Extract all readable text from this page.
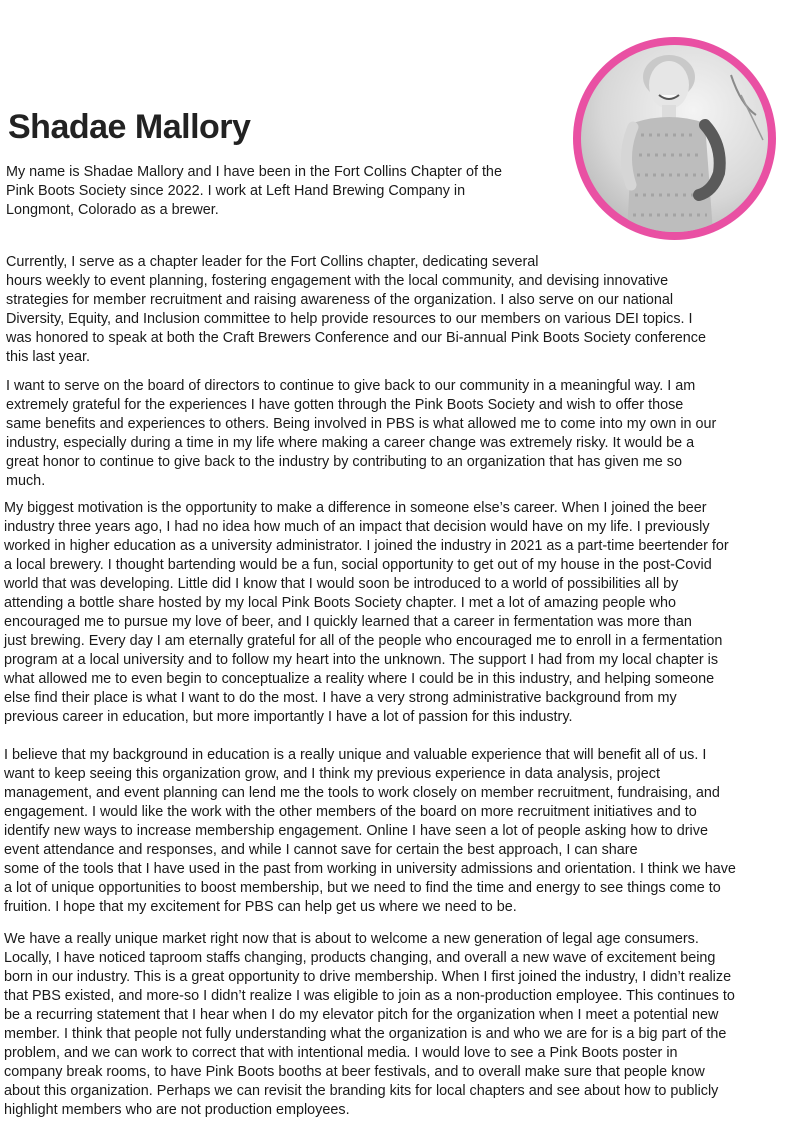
Shadae Mallory

My name is Shadae Mallory and I have been in the Fort Collins Chapter of the
Pink Boots Society since 2022. I work at Left Hand Brewing Company in
Longmont, Colorado as a brewer.

Currently, I serve as a chapter leader for the Fort Collins chapter, dedicating several
hours weekly to event planning, fostering engagement with the local community, and devising innovative
strategies for member recruitment and raising awareness of the organization. I also serve on our national
Diversity, Equity, and Inclusion committee to help provide resources to our members on various DEI topics. I
was honored to speak at both the Craft Brewers Conference and our Bi-annual Pink Boots Society conference
this last year.

I want to serve on the board of directors to continue to give back to our community in a meaningful way. I am
extremely grateful for the experiences I have gotten through the Pink Boots Society and wish to offer those
same benefits and experiences to others. Being involved in PBS is what allowed me to come into my own in our
industry, especially during a time in my life where making a career change was extremely risky. It would be a
great honor to continue to give back to the industry by contributing to an organization that has given me so
much.

My biggest motivation is the opportunity to make a difference in someone else’s career. When I joined the beer
industry three years ago, I had no idea how much of an impact that decision would have on my life. I previously
worked in higher education as a university administrator. I joined the industry in 2021 as a part-time beertender for
a local brewery. I thought bartending would be a fun, social opportunity to get out of my house in the post-Covid
world that was developing. Little did I know that I would soon be introduced to a world of possibilities all by
attending a bottle share hosted by my local Pink Boots Society chapter. I met a lot of amazing people who
encouraged me to pursue my love of beer, and I quickly learned that a career in fermentation was more than
just brewing. Every day I am eternally grateful for all of the people who encouraged me to enroll in a fermentation
program at a local university and to follow my heart into the unknown. The support I had from my local chapter is
what allowed me to even begin to conceptualize a reality where I could be in this industry, and helping someone
else find their place is what I want to do the most. I have a very strong administrative background from my
previous career in education, but more importantly I have a lot of passion for this industry.

I believe that my background in education is a really unique and valuable experience that will benefit all of us. I
want to keep seeing this organization grow, and I think my previous experience in data analysis, project
management, and event planning can lend me the tools to work closely on member recruitment, fundraising, and
engagement. I would like the work with the other members of the board on more recruitment initiatives and to
identify new ways to increase membership engagement. Online I have seen a lot of people asking how to drive
event attendance and responses, and while I cannot save for certain the best approach, I can share
some of the tools that I have used in the past from working in university admissions and orientation. I think we have
a lot of unique opportunities to boost membership, but we need to find the time and energy to see things come to
fruition. I hope that my excitement for PBS can help get us where we need to be.

We have a really unique market right now that is about to welcome a new generation of legal age consumers.
Locally, I have noticed taproom staffs changing, products changing, and overall a new wave of excitement being
born in our industry. This is a great opportunity to drive membership. When I first joined the industry, I didn’t realize
that PBS existed, and more-so I didn’t realize I was eligible to join as a non-production employee. This continues to
be a recurring statement that I hear when I do my elevator pitch for the organization when I meet a potential new
member. I think that people not fully understanding what the organization is and who we are for is a big part of the
problem, and we can work to correct that with intentional media. I would love to see a Pink Boots poster in
company break rooms, to have Pink Boots booths at beer festivals, and to overall make sure that people know
about this organization. Perhaps we can revisit the branding kits for local chapters and see about how to publicly
highlight members who are not production employees.
